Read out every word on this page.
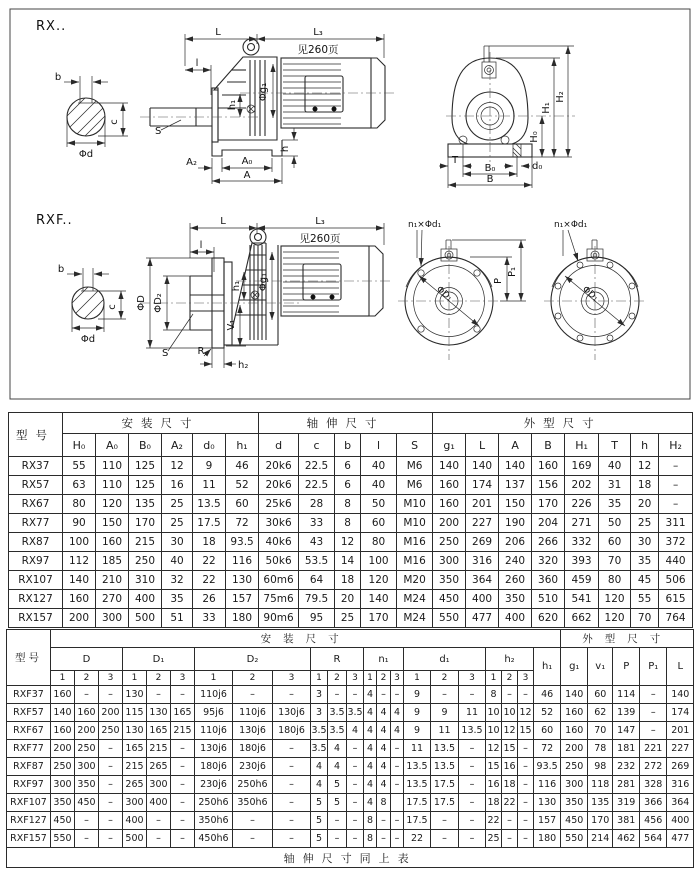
RX..
b
c
Φd
L	L₃
见260页
l
Φg₁
h₁
S
h
A₂	A₀
A
H₀
H₁
H₂
T
d₀
B₀
B
RXF..
b
c
Φd
L	L₃
见260页
l
ΦD ΦD₂
S	R
h₂
Φg₁
h₁
V₁
n₁×Φd₁
ΦD₁
P
P₁
n₁×Φd₁
ΦD₁
型号	安装尺寸						轴伸尺寸					外型尺寸							
	H₀	A₀	B₀	A₂	d₀	h₁	d	c	b	l	S	g₁	L	A	B	H₁	T	h	H₂
RX37	55	110	125	12	9	46	20k6	22.5	6	40	M6	140	140	140	160	169	40	12	–
RX57	63	110	125	16	11	52	20k6	22.5	6	40	M6	160	174	137	156	202	31	18	–
RX67	80	120	135	25	13.5	60	25k6	28	8	50	M10	160	201	150	170	226	35	20	–
RX77	90	150	170	25	17.5	72	30k6	33	8	60	M10	200	227	190	204	271	50	25	311
RX87	100	160	215	30	18	93.5	40k6	43	12	80	M16	250	269	206	266	332	60	30	372
RX97	112	185	250	40	22	116	50k6	53.5	14	100	M16	300	316	240	320	393	70	35	440
RX107	140	210	310	32	22	130	60m6	64	18	120	M20	350	364	260	360	459	80	45	506
RX127	160	270	400	35	26	157	75m6	79.5	20	140	M24	450	400	350	510	541	120	55	615
RX157	200	300	500	51	33	180	90m6	95	25	170	M24	550	477	400	620	662	120	70	764
型号	安装尺寸																						外型尺寸				
	D			D₁			D₂			R			n₁			d₁			h₂			h₁	g₁	v₁	P	P₁	L
	1	2	3	1	2	3	1	2	3	1	2	3	1	2	3	1	2	3	1	2	3						
RXF37	160	–	–	130	–	–	110j6	–	–	3	–	–	4	–	–	9	–	–	8	–	–	46	140	60	114	–	140
RXF57	140	160	200	115	130	165	95j6	110j6	130j6	3	3.5	3.5	4	4	4	9	9	11	10	10	12	52	160	62	139	–	174
RXF67	160	200	250	130	165	215	110j6	130j6	180j6	3.5	3.5	4	4	4	4	9	11	13.5	10	12	15	60	160	70	147	–	201
RXF77	200	250	–	165	215	–	130j6	180j6	–	3.5	4	–	4	4	–	11	13.5	–	12	15	–	72	200	78	181	221	227
RXF87	250	300	–	215	265	–	180j6	230j6	–	4	4	–	4	4	–	13.5	13.5	–	15	16	–	93.5	250	98	232	272	269
RXF97	300	350	–	265	300	–	230j6	250h6	–	4	5	–	4	4	–	13.5	17.5	–	16	18	–	116	300	118	281	328	316
RXF107	350	450	–	300	400	–	250h6	350h6	–	5	5	–	4	8		17.5	17.5	–	18	22	–	130	350	135	319	366	364
RXF127	450	–	–	400	–	–	350h6	–	–	5	–	–	8	–	–	17.5	–	–	22	–	–	157	450	170	381	456	400
RXF157	550	–	–	500	–	–	450h6	–	–	5	–	–	8	–	–	22	–	–	25	–	–	180	550	214	462	564	477
轴伸尺寸同上表																											
